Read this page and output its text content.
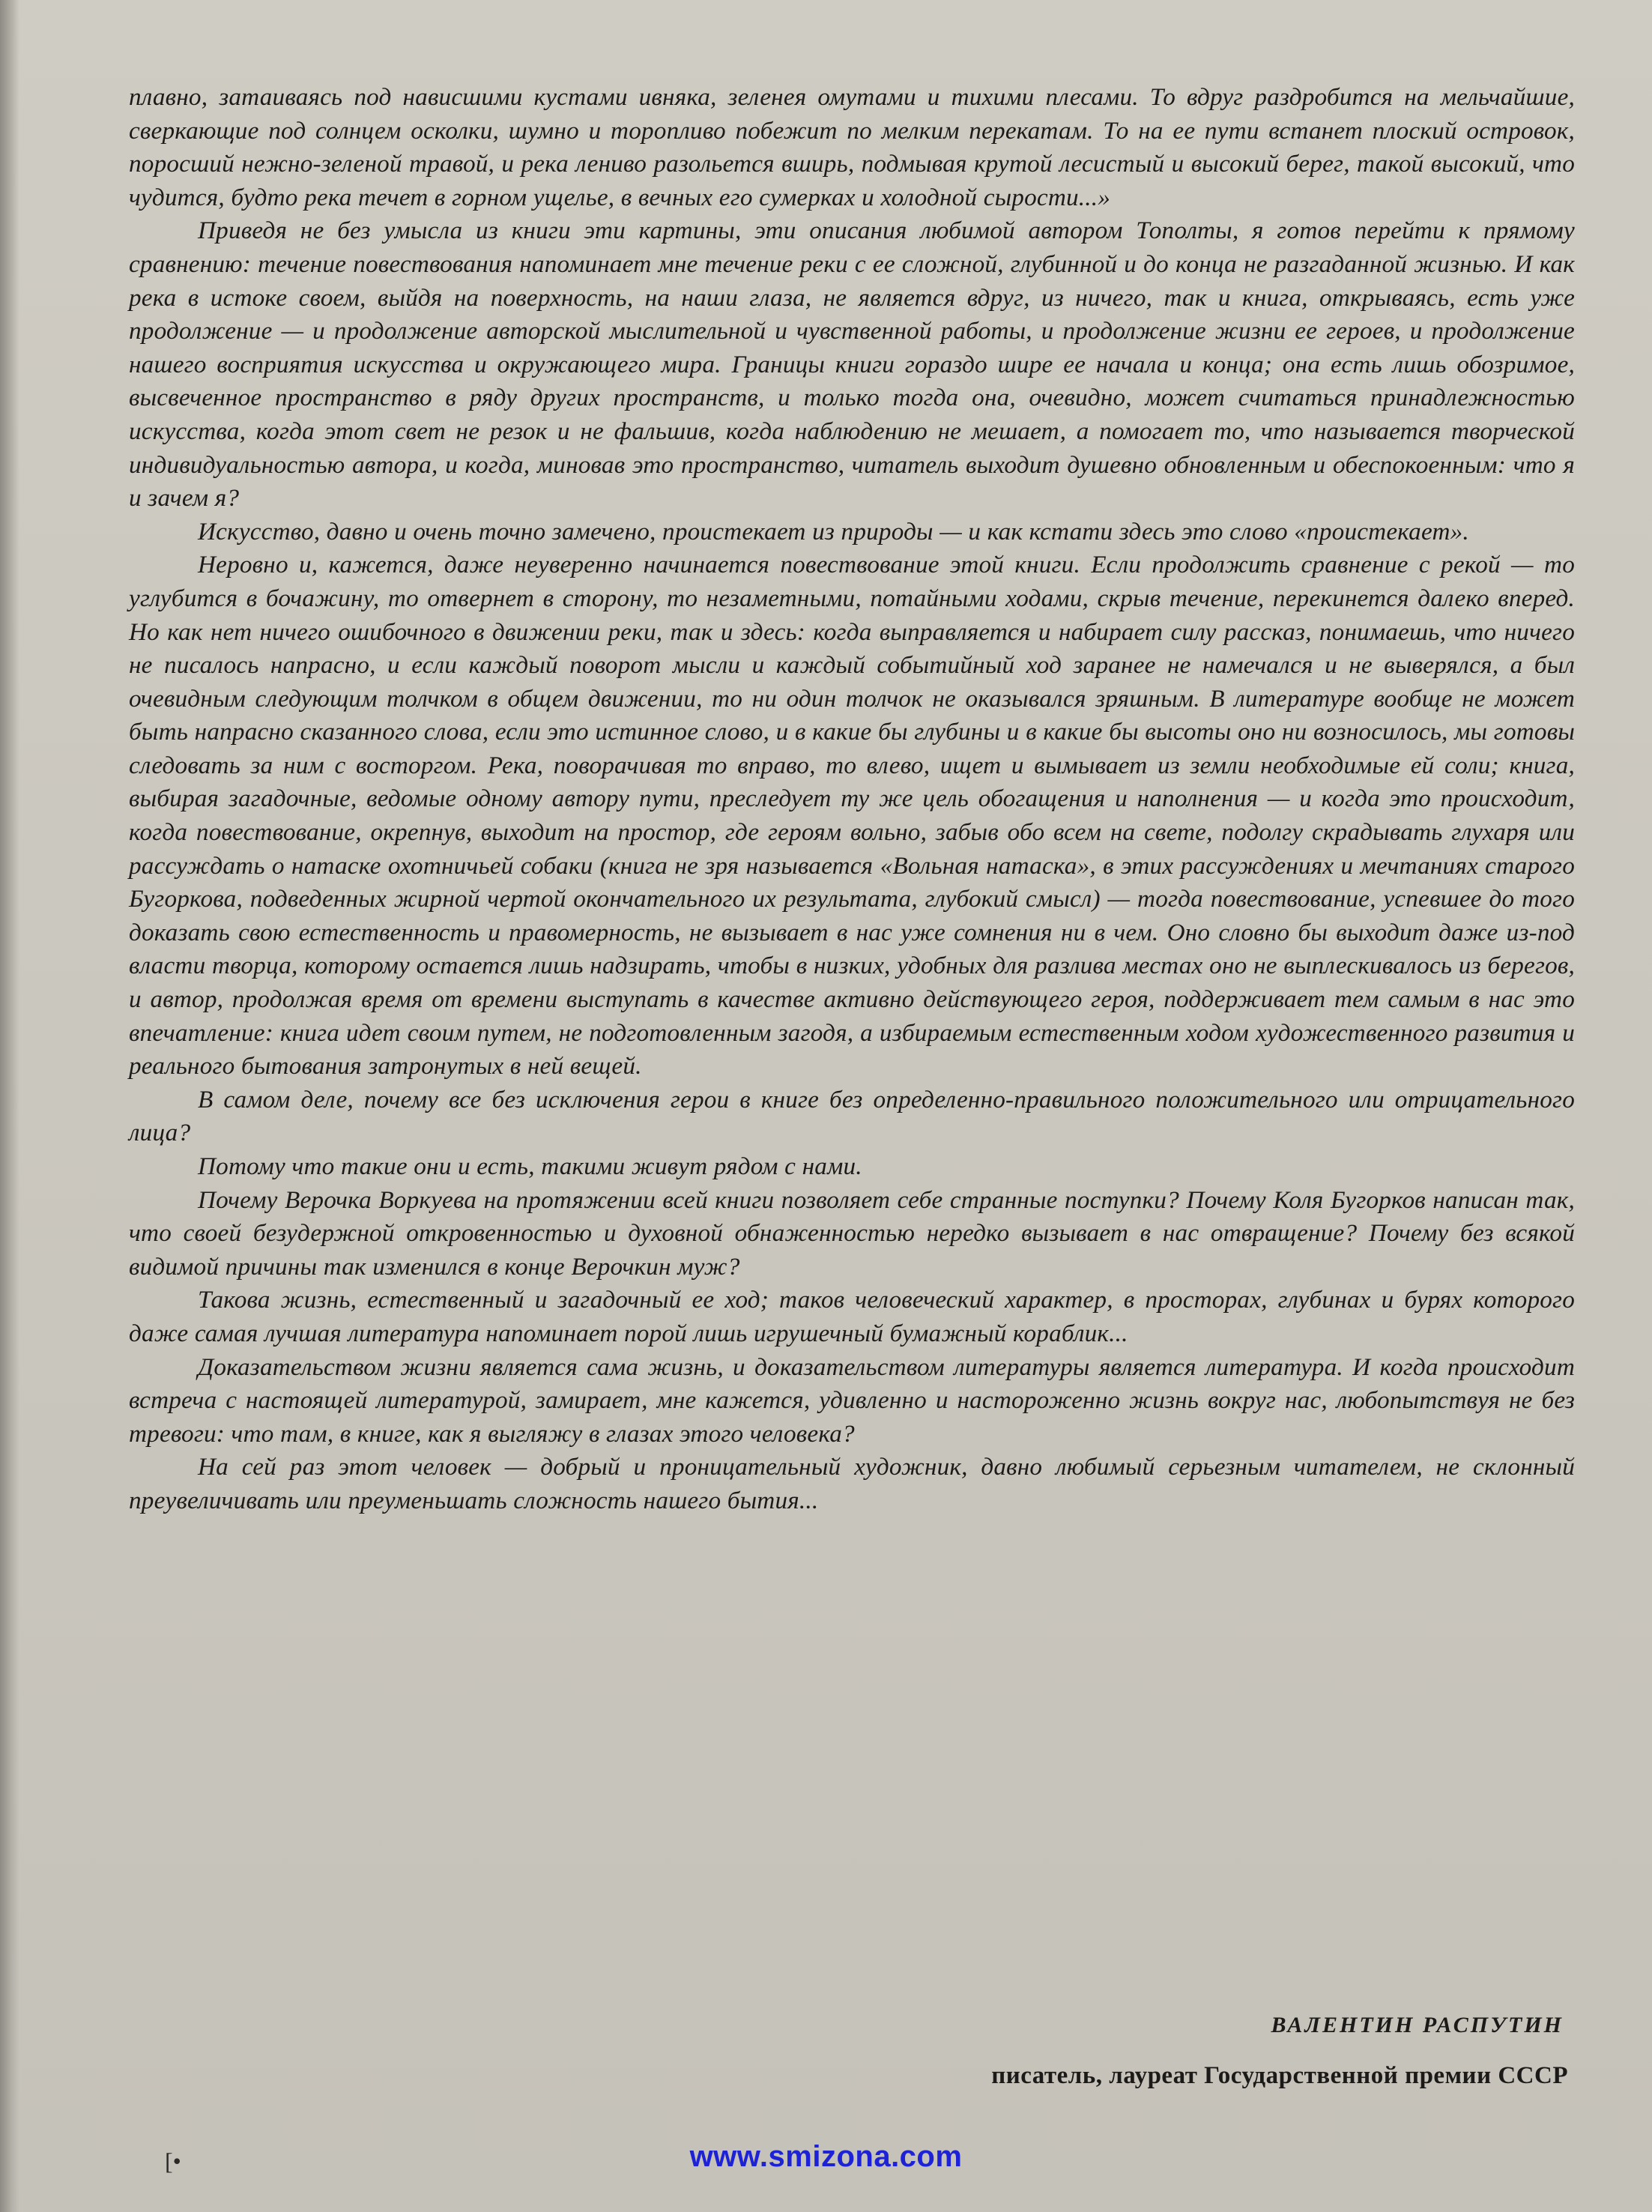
плавно, затаиваясь под нависшими кустами ивняка, зеленея омутами и тихими плесами. То вдруг раздробится на мельчайшие, сверкающие под солнцем осколки, шумно и торопливо побежит по мелким перекатам. То на ее пути встанет плоский островок, поросший нежно-зеленой травой, и река лениво разольется вширь, подмывая крутой лесистый и высокий берег, такой высокий, что чудится, будто река течет в горном ущелье, в вечных его сумерках и холодной сырости...»

Приведя не без умысла из книги эти картины, эти описания любимой автором Тополты, я готов перейти к прямому сравнению: течение повествования напоминает мне течение реки с ее сложной, глубинной и до конца не разгаданной жизнью. И как река в истоке своем, выйдя на поверхность, на наши глаза, не является вдруг, из ничего, так и книга, открываясь, есть уже продолжение — и продолжение авторской мыслительной и чувственной работы, и продолжение жизни ее героев, и продолжение нашего восприятия искусства и окружающего мира. Границы книги гораздо шире ее начала и конца; она есть лишь обозримое, высвеченное пространство в ряду других пространств, и только тогда она, очевидно, может считаться принадлежностью искусства, когда этот свет не резок и не фальшив, когда наблюдению не мешает, а помогает то, что называется творческой индивидуальностью автора, и когда, миновав это пространство, читатель выходит душевно обновленным и обеспокоенным: что я и зачем я?

Искусство, давно и очень точно замечено, проистекает из природы — и как кстати здесь это слово «проистекает».

Неровно и, кажется, даже неуверенно начинается повествование этой книги. Если продолжить сравнение с рекой — то углубится в бочажину, то отвернет в сторону, то незаметными, потайными ходами, скрыв течение, перекинется далеко вперед. Но как нет ничего ошибочного в движении реки, так и здесь: когда выправляется и набирает силу рассказ, понимаешь, что ничего не писалось напрасно, и если каждый поворот мысли и каждый событийный ход заранее не намечался и не выверялся, а был очевидным следующим толчком в общем движении, то ни один толчок не оказывался зряшным. В литературе вообще не может быть напрасно сказанного слова, если это истинное слово, и в какие бы глубины и в какие бы высоты оно ни возносилось, мы готовы следовать за ним с восторгом. Река, поворачивая то вправо, то влево, ищет и вымывает из земли необходимые ей соли; книга, выбирая загадочные, ведомые одному автору пути, преследует ту же цель обогащения и наполнения — и когда это происходит, когда повествование, окрепнув, выходит на простор, где героям вольно, забыв обо всем на свете, подолгу скрадывать глухаря или рассуждать о натаске охотничьей собаки (книга не зря называется «Вольная натаска», в этих рассуждениях и мечтаниях старого Бугоркова, подведенных жирной чертой окончательного их результата, глубокий смысл) — тогда повествование, успевшее до того доказать свою естественность и правомерность, не вызывает в нас уже сомнения ни в чем. Оно словно бы выходит даже из-под власти творца, которому остается лишь надзирать, чтобы в низких, удобных для разлива местах оно не выплескивалось из берегов, и автор, продолжая время от времени выступать в качестве активно действующего героя, поддерживает тем самым в нас это впечатление: книга идет своим путем, не подготовленным загодя, а избираемым естественным ходом художественного развития и реального бытования затронутых в ней вещей.

В самом деле, почему все без исключения герои в книге без определенно-правильного положительного или отрицательного лица?

Потому что такие они и есть, такими живут рядом с нами.

Почему Верочка Воркуева на протяжении всей книги позволяет себе странные поступки? Почему Коля Бугорков написан так, что своей безудержной откровенностью и духовной обнаженностью нередко вызывает в нас отвращение? Почему без всякой видимой причины так изменился в конце Верочкин муж?

Такова жизнь, естественный и загадочный ее ход; таков человеческий характер, в просторах, глубинах и бурях которого даже самая лучшая литература напоминает порой лишь игрушечный бумажный кораблик...

Доказательством жизни является сама жизнь, и доказательством литературы является литература. И когда происходит встреча с настоящей литературой, замирает, мне кажется, удивленно и настороженно жизнь вокруг нас, любопытствуя не без тревоги: что там, в книге, как я выгляжу в глазах этого человека?

На сей раз этот человек — добрый и проницательный художник, давно любимый серьезным читателем, не склонный преувеличивать или преуменьшать сложность нашего бытия...

ВАЛЕНТИН РАСПУТИН
писатель, лауреат Государственной премии СССР
[•	www.smizona.com
